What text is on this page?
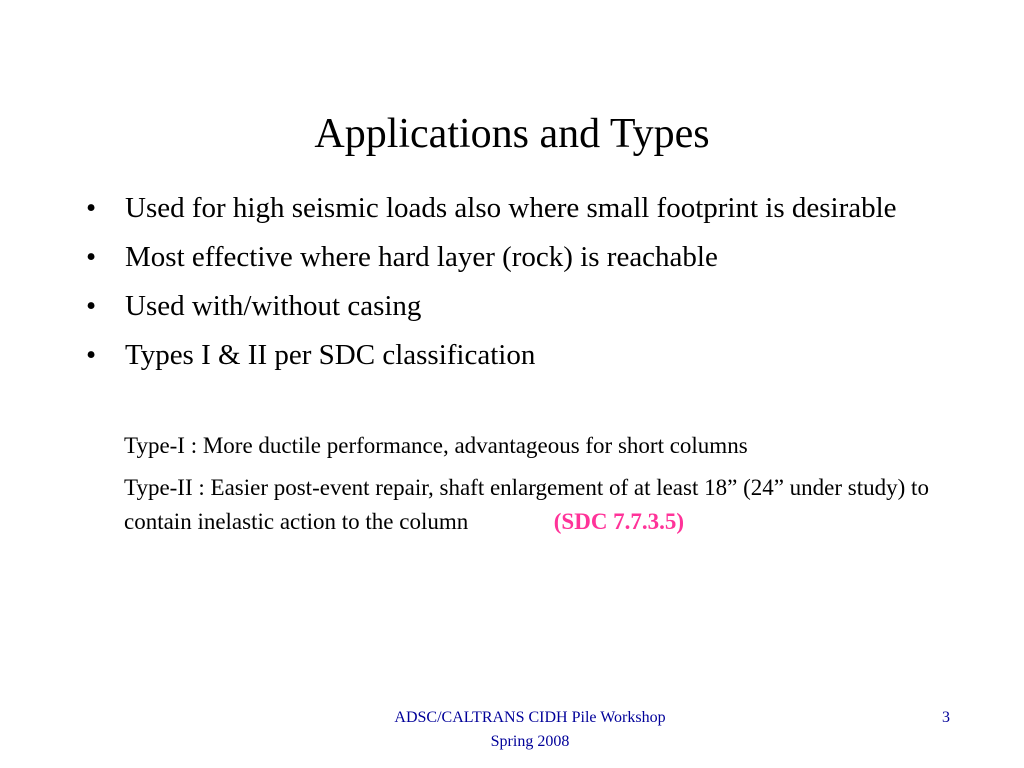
Applications and Types
• Used for high seismic loads also where small footprint is desirable
• Most effective where hard layer (rock) is reachable
• Used with/without casing
• Types I & II per SDC classification

Type-I : More ductile performance, advantageous for short columns

Type-II : Easier post-event repair, shaft enlargement of at least 18” (24” under study) to contain inelastic action to the column	(SDC 7.7.3.5)

ADSC/CALTRANS CIDH Pile Workshop
Spring 2008
3
